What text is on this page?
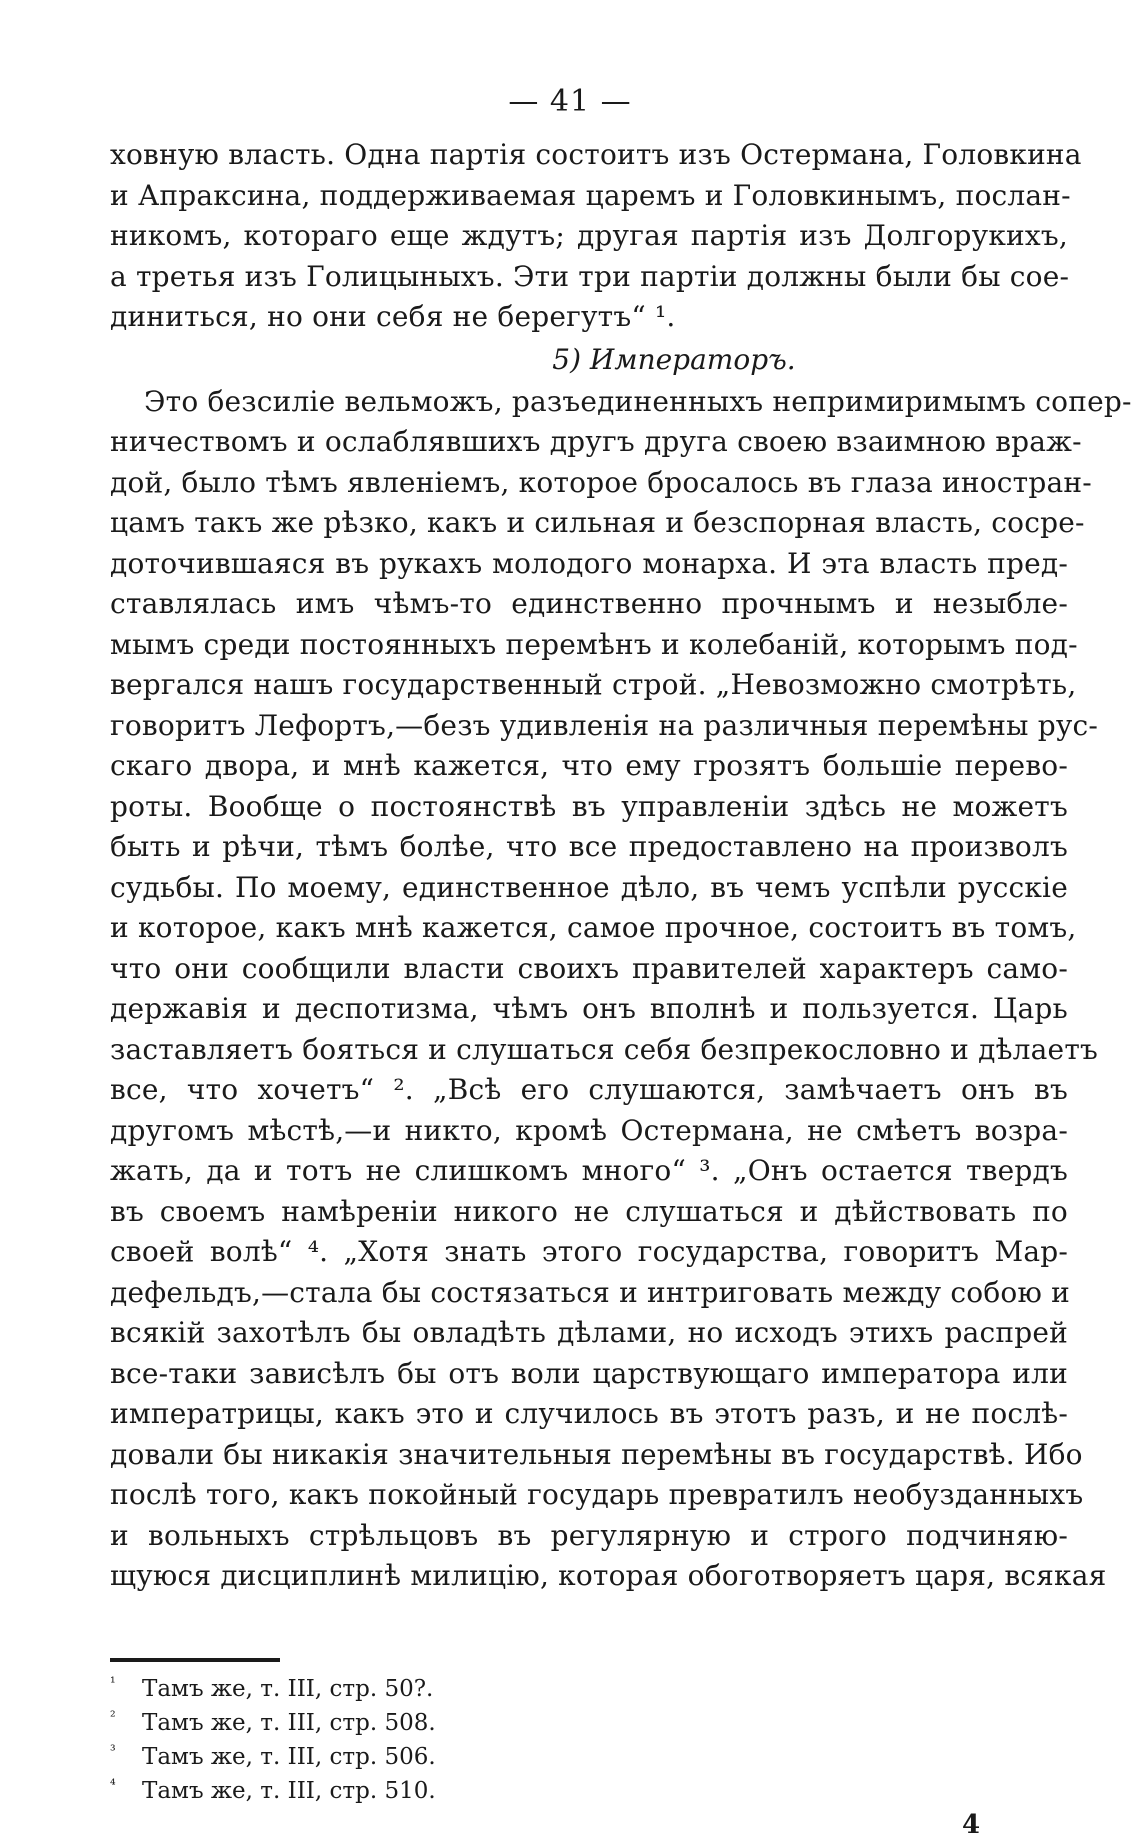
— 41 —
ховную власть. Одна партія состоитъ изъ Остермана, Головкина
и Апраксина, поддерживаемая царемъ и Головкинымъ, послан-
никомъ, котораго еще ждутъ; другая партія изъ Долгорукихъ,
а третья изъ Голицыныхъ. Эти три партіи должны были бы сое-
диниться, но они себя не берегутъ“ ¹.
5) Императоръ.
Это безсиліе вельможъ, разъединенныхъ непримиримымъ сопер-
ничествомъ и ослаблявшихъ другъ друга своею взаимною враж-
дой, было тѣмъ явленіемъ, которое бросалось въ глаза иностран-
цамъ такъ же рѣзко, какъ и сильная и безспорная власть, сосре-
доточившаяся въ рукахъ молодого монарха. И эта власть пред-
ставлялась имъ чѣмъ-то единственно прочнымъ и незыбле-
мымъ среди постоянныхъ перемѣнъ и колебаній, которымъ под-
вергался нашъ государственный строй. „Невозможно смотрѣть,
говоритъ Лефортъ,—безъ удивленія на различныя перемѣны рус-
скаго двора, и мнѣ кажется, что ему грозятъ большіе перево-
роты. Вообще о постоянствѣ въ управленіи здѣсь не можетъ
быть и рѣчи, тѣмъ болѣе, что все предоставлено на произволъ
судьбы. По моему, единственное дѣло, въ чемъ успѣли русскіе
и которое, какъ мнѣ кажется, самое прочное, состоитъ въ томъ,
что они сообщили власти своихъ правителей характеръ само-
державія и деспотизма, чѣмъ онъ вполнѣ и пользуется. Царь
заставляетъ бояться и слушаться себя безпрекословно и дѣлаетъ
все, что хочетъ“ ². „Всѣ его слушаются, замѣчаетъ онъ въ
другомъ мѣстѣ,—и никто, кромѣ Остермана, не смѣетъ возра-
жать, да и тотъ не слишкомъ много“ ³. „Онъ остается твердъ
въ своемъ намѣреніи никого не слушаться и дѣйствовать по
своей волѣ“ ⁴. „Хотя знать этого государства, говоритъ Мар-
дефельдъ,—стала бы состязаться и интриговать между собою и
всякій захотѣлъ бы овладѣть дѣлами, но исходъ этихъ распрей
все-таки зависѣлъ бы отъ воли царствующаго императора или
императрицы, какъ это и случилось въ этотъ разъ, и не послѣ-
довали бы никакія значительныя перемѣны въ государствѣ. Ибо
послѣ того, какъ покойный государь превратилъ необузданныхъ
и вольныхъ стрѣльцовъ въ регулярную и строго подчиняю-
щуюся дисциплинѣ милицію, которая обоготворяетъ царя, всякая
¹ Тамъ же, т. III, стр. 50?.
² Тамъ же, т. III, стр. 508.
³ Тамъ же, т. III, стр. 506.
⁴ Тамъ же, т. III, стр. 510.
4
